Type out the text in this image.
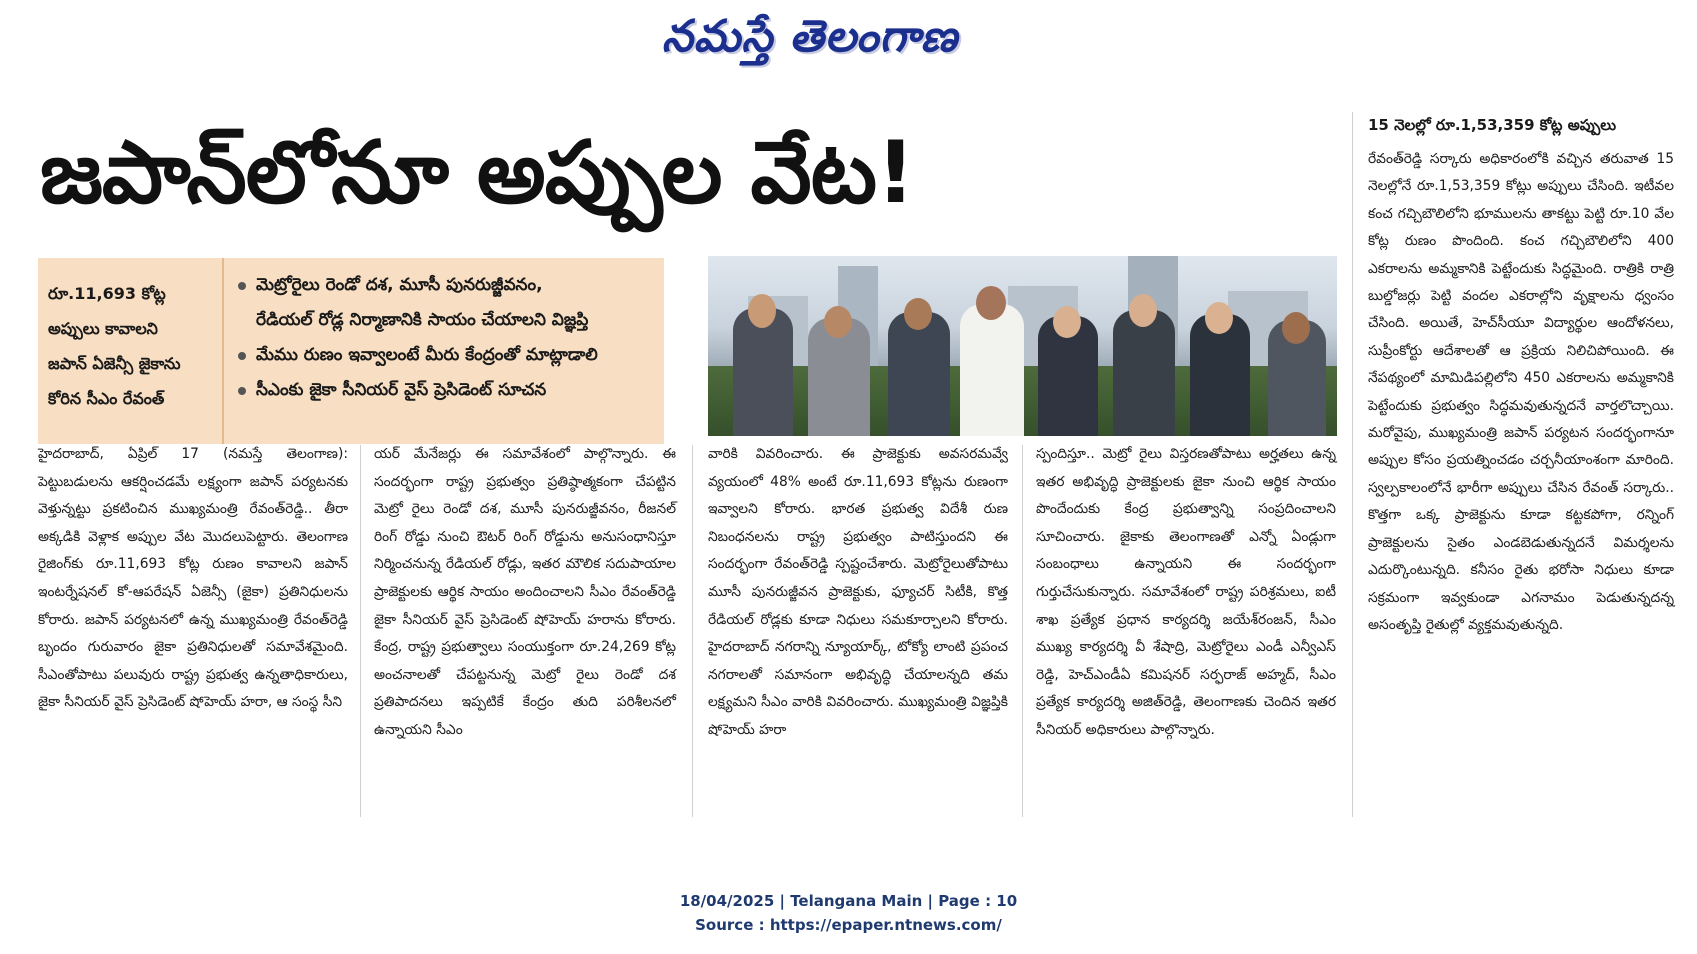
నమస్తే తెలంగాణ
జపాన్‌లోనూ అప్పుల వేట!
రూ.11,693 కోట్ల
అప్పులు కావాలని
జపాన్ ఏజెన్సీ జైకాను
కోరిన సీఎం రేవంత్
మెట్రోరైలు రెండో దశ, మూసీ పునరుజ్జీవనం,
రేడియల్ రోడ్ల నిర్మాణానికి సాయం చేయాలని విజ్ఞప్తి
మేము రుణం ఇవ్వాలంటే మీరు కేంద్రంతో మాట్లాడాలి
సీఎంకు జైకా సీనియర్ వైస్ ప్రెసిడెంట్ సూచన
15 నెలల్లో రూ.1,53,359 కోట్ల అప్పులు
రేవంత్‌రెడ్డి సర్కారు అధికారంలోకి వచ్చిన తరువాత 15 నెలల్లోనే రూ.1,53,359 కోట్లు అప్పులు చేసింది. ఇటీవల కంచ గచ్చిబౌలిలోని భూములను తాకట్టు పెట్టి రూ.10 వేల కోట్ల రుణం పొందింది. కంచ గచ్చిబౌలిలోని 400 ఎకరాలను అమ్మకానికి పెట్టేందుకు సిద్ధమైంది. రాత్రికి రాత్రి బుల్డోజర్లు పెట్టి వందల ఎకరాల్లోని వృక్షాలను ధ్వంసం చేసింది. అయితే, హెచ్‌సీయూ విద్యార్థుల ఆందోళనలు, సుప్రీంకోర్టు ఆదేశాలతో ఆ ప్రక్రియ నిలిచిపోయింది. ఈ నేపథ్యంలో మామిడిపల్లిలోని 450 ఎకరాలను అమ్మకానికి పెట్టేందుకు ప్రభుత్వం సిద్ధమవుతున్నదనే వార్తలొచ్చాయి. మరోవైపు, ముఖ్యమంత్రి జపాన్ పర్యటన సందర్భంగానూ అప్పుల కోసం ప్రయత్నించడం చర్చనీయాంశంగా మారింది. స్వల్పకాలంలోనే భారీగా అప్పులు చేసిన రేవంత్ సర్కారు.. కొత్తగా ఒక్క ప్రాజెక్టును కూడా కట్టకపోగా, రన్నింగ్ ప్రాజెక్టులను సైతం ఎండబెడుతున్నదనే విమర్శలను ఎదుర్కొంటున్నది. కనీసం రైతు భరోసా నిధులు కూడా సక్రమంగా ఇవ్వకుండా ఎగనామం పెడుతున్నదన్న అసంతృప్తి రైతుల్లో వ్యక్తమవుతున్నది.
హైదరాబాద్, ఏప్రిల్ 17 (నమస్తే తెలంగాణ): పెట్టుబడులను ఆకర్షించడమే లక్ష్యంగా జపాన్ పర్యటనకు వెళ్తున్నట్టు ప్రకటించిన ముఖ్యమంత్రి రేవంత్‌రెడ్డి.. తీరా అక్కడికి వెళ్లాక అప్పుల వేట మొదలుపెట్టారు. తెలంగాణ రైజింగ్‌కు రూ.11,693 కోట్ల రుణం కావాలని జపాన్ ఇంటర్నేషనల్ కో-ఆపరేషన్ ఏజెన్సీ (జైకా) ప్రతినిధులను కోరారు. జపాన్ పర్యటనలో ఉన్న ముఖ్యమంత్రి రేవంత్‌రెడ్డి బృందం గురువారం జైకా ప్రతినిధులతో సమావేశమైంది. సీఎంతోపాటు పలువురు రాష్ట్ర ప్రభుత్వ ఉన్నతాధికారులు, జైకా సీనియర్ వైస్ ప్రెసిడెంట్ షోహెయ్ హరా, ఆ సంస్థ సీని
యర్ మేనేజర్లు ఈ సమావేశంలో పాల్గొన్నారు. ఈ సందర్భంగా రాష్ట్ర ప్రభుత్వం ప్రతిష్ఠాత్మకంగా చేపట్టిన మెట్రో రైలు రెండో దశ, మూసీ పునరుజ్జీవనం, రీజనల్ రింగ్ రోడ్డు నుంచి ఔటర్ రింగ్ రోడ్డును అనుసంధానిస్తూ నిర్మించనున్న రేడియల్ రోడ్లు, ఇతర మౌలిక సదుపాయాల ప్రాజెక్టులకు ఆర్థిక సాయం అందించాలని సీఎం రేవంత్‌రెడ్డి జైకా సీనియర్ వైస్ ప్రెసిడెంట్ షోహెయ్ హరాను కోరారు. కేంద్ర, రాష్ట్ర ప్రభుత్వాలు సంయుక్తంగా రూ.24,269 కోట్ల అంచనాలతో చేపట్టనున్న మెట్రో రైలు రెండో దశ ప్రతిపాదనలు ఇప్పటికే కేంద్రం తుది పరిశీలనలో ఉన్నాయని సీఎం
వారికి వివరించారు. ఈ ప్రాజెక్టుకు అవసరమవ్వే వ్యయంలో 48% అంటే రూ.11,693 కోట్లను రుణంగా ఇవ్వాలని కోరారు. భారత ప్రభుత్వ విదేశీ రుణ నిబంధనలను రాష్ట్ర ప్రభుత్వం పాటిస్తుందని ఈ సందర్భంగా రేవంత్‌రెడ్డి స్పష్టంచేశారు. మెట్రోరైలుతోపాటు మూసీ పునరుజ్జీవన ప్రాజెక్టుకు, ఫ్యూచర్ సిటీకి, కొత్త రేడియల్ రోడ్లకు కూడా నిధులు సమకూర్చాలని కోరారు. హైదరాబాద్ నగరాన్ని న్యూయార్క్, టోక్యో లాంటి ప్రపంచ నగరాలతో సమానంగా అభివృద్ధి చేయాలన్నది తమ లక్ష్యమని సీఎం వారికి వివరించారు. ముఖ్యమంత్రి విజ్ఞప్తికి షోహెయ్ హరా
స్పందిస్తూ.. మెట్రో రైలు విస్తరణతోపాటు అర్హతలు ఉన్న ఇతర అభివృద్ధి ప్రాజెక్టులకు జైకా నుంచి ఆర్థిక సాయం పొందేందుకు కేంద్ర ప్రభుత్వాన్ని సంప్రదించాలని సూచించారు. జైకాకు తెలంగాణతో ఎన్నో ఏండ్లుగా సంబంధాలు ఉన్నాయని ఈ సందర్భంగా గుర్తుచేసుకున్నారు. సమావేశంలో రాష్ట్ర పరిశ్రమలు, ఐటీ శాఖ ప్రత్యేక ప్రధాన కార్యదర్శి జయేశ్‌రంజన్, సీఎం ముఖ్య కార్యదర్శి వీ శేషాద్రి, మెట్రోరైలు ఎండీ ఎన్వీఎస్ రెడ్డి, హెచ్‌ఎండీఏ కమిషనర్ సర్ఫరాజ్ అహ్మద్, సీఎం ప్రత్యేక కార్యదర్శి అజిత్‌రెడ్డి, తెలంగాణకు చెందిన ఇతర సీనియర్ అధికారులు పాల్గొన్నారు.
18/04/2025 | Telangana Main | Page : 10
Source : https://epaper.ntnews.com/
